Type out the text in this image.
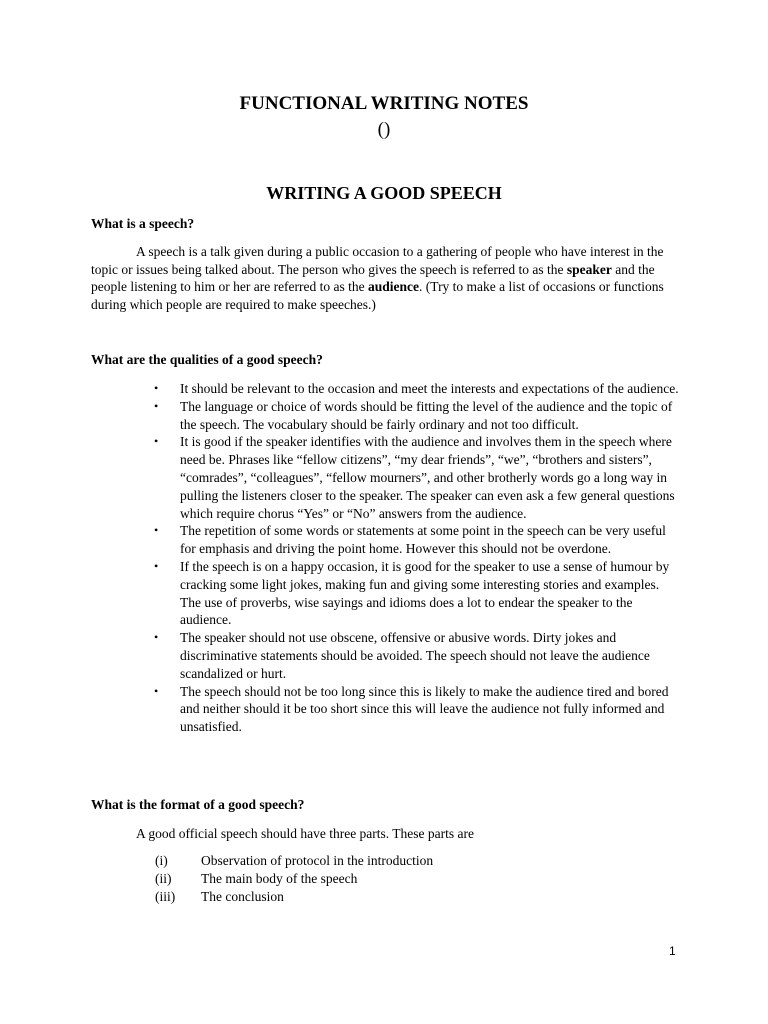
FUNCTIONAL WRITING NOTES
()
WRITING A GOOD SPEECH
What is a speech?

A speech is a talk given during a public occasion to a gathering of people who have interest in the topic or issues being talked about. The person who gives the speech is referred to as the speaker and the people listening to him or her are referred to as the audience. (Try to make a list of occasions or functions during which people are required to make speeches.)

What are the qualities of a good speech?
• It should be relevant to the occasion and meet the interests and expectations of the audience.
• The language or choice of words should be fitting the level of the audience and the topic of the speech. The vocabulary should be fairly ordinary and not too difficult.
• It is good if the speaker identifies with the audience and involves them in the speech where need be. Phrases like “fellow citizens”, “my dear friends”, “we”, “brothers and sisters”, “comrades”, “colleagues”, “fellow mourners”, and other brotherly words go a long way in pulling the listeners closer to the speaker. The speaker can even ask a few general questions which require chorus “Yes” or “No” answers from the audience.
• The repetition of some words or statements at some point in the speech can be very useful for emphasis and driving the point home. However this should not be overdone.
• If the speech is on a happy occasion, it is good for the speaker to use a sense of humour by cracking some light jokes, making fun and giving some interesting stories and examples. The use of proverbs, wise sayings and idioms does a lot to endear the speaker to the audience.
• The speaker should not use obscene, offensive or abusive words. Dirty jokes and discriminative statements should be avoided. The speech should not leave the audience scandalized or hurt.
• The speech should not be too long since this is likely to make the audience tired and bored and neither should it be too short since this will leave the audience not fully informed and unsatisfied.
What is the format of a good speech?

A good official speech should have three parts. These parts are

(i) Observation of protocol in the introduction
(ii) The main body of the speech
(iii) The conclusion
1
